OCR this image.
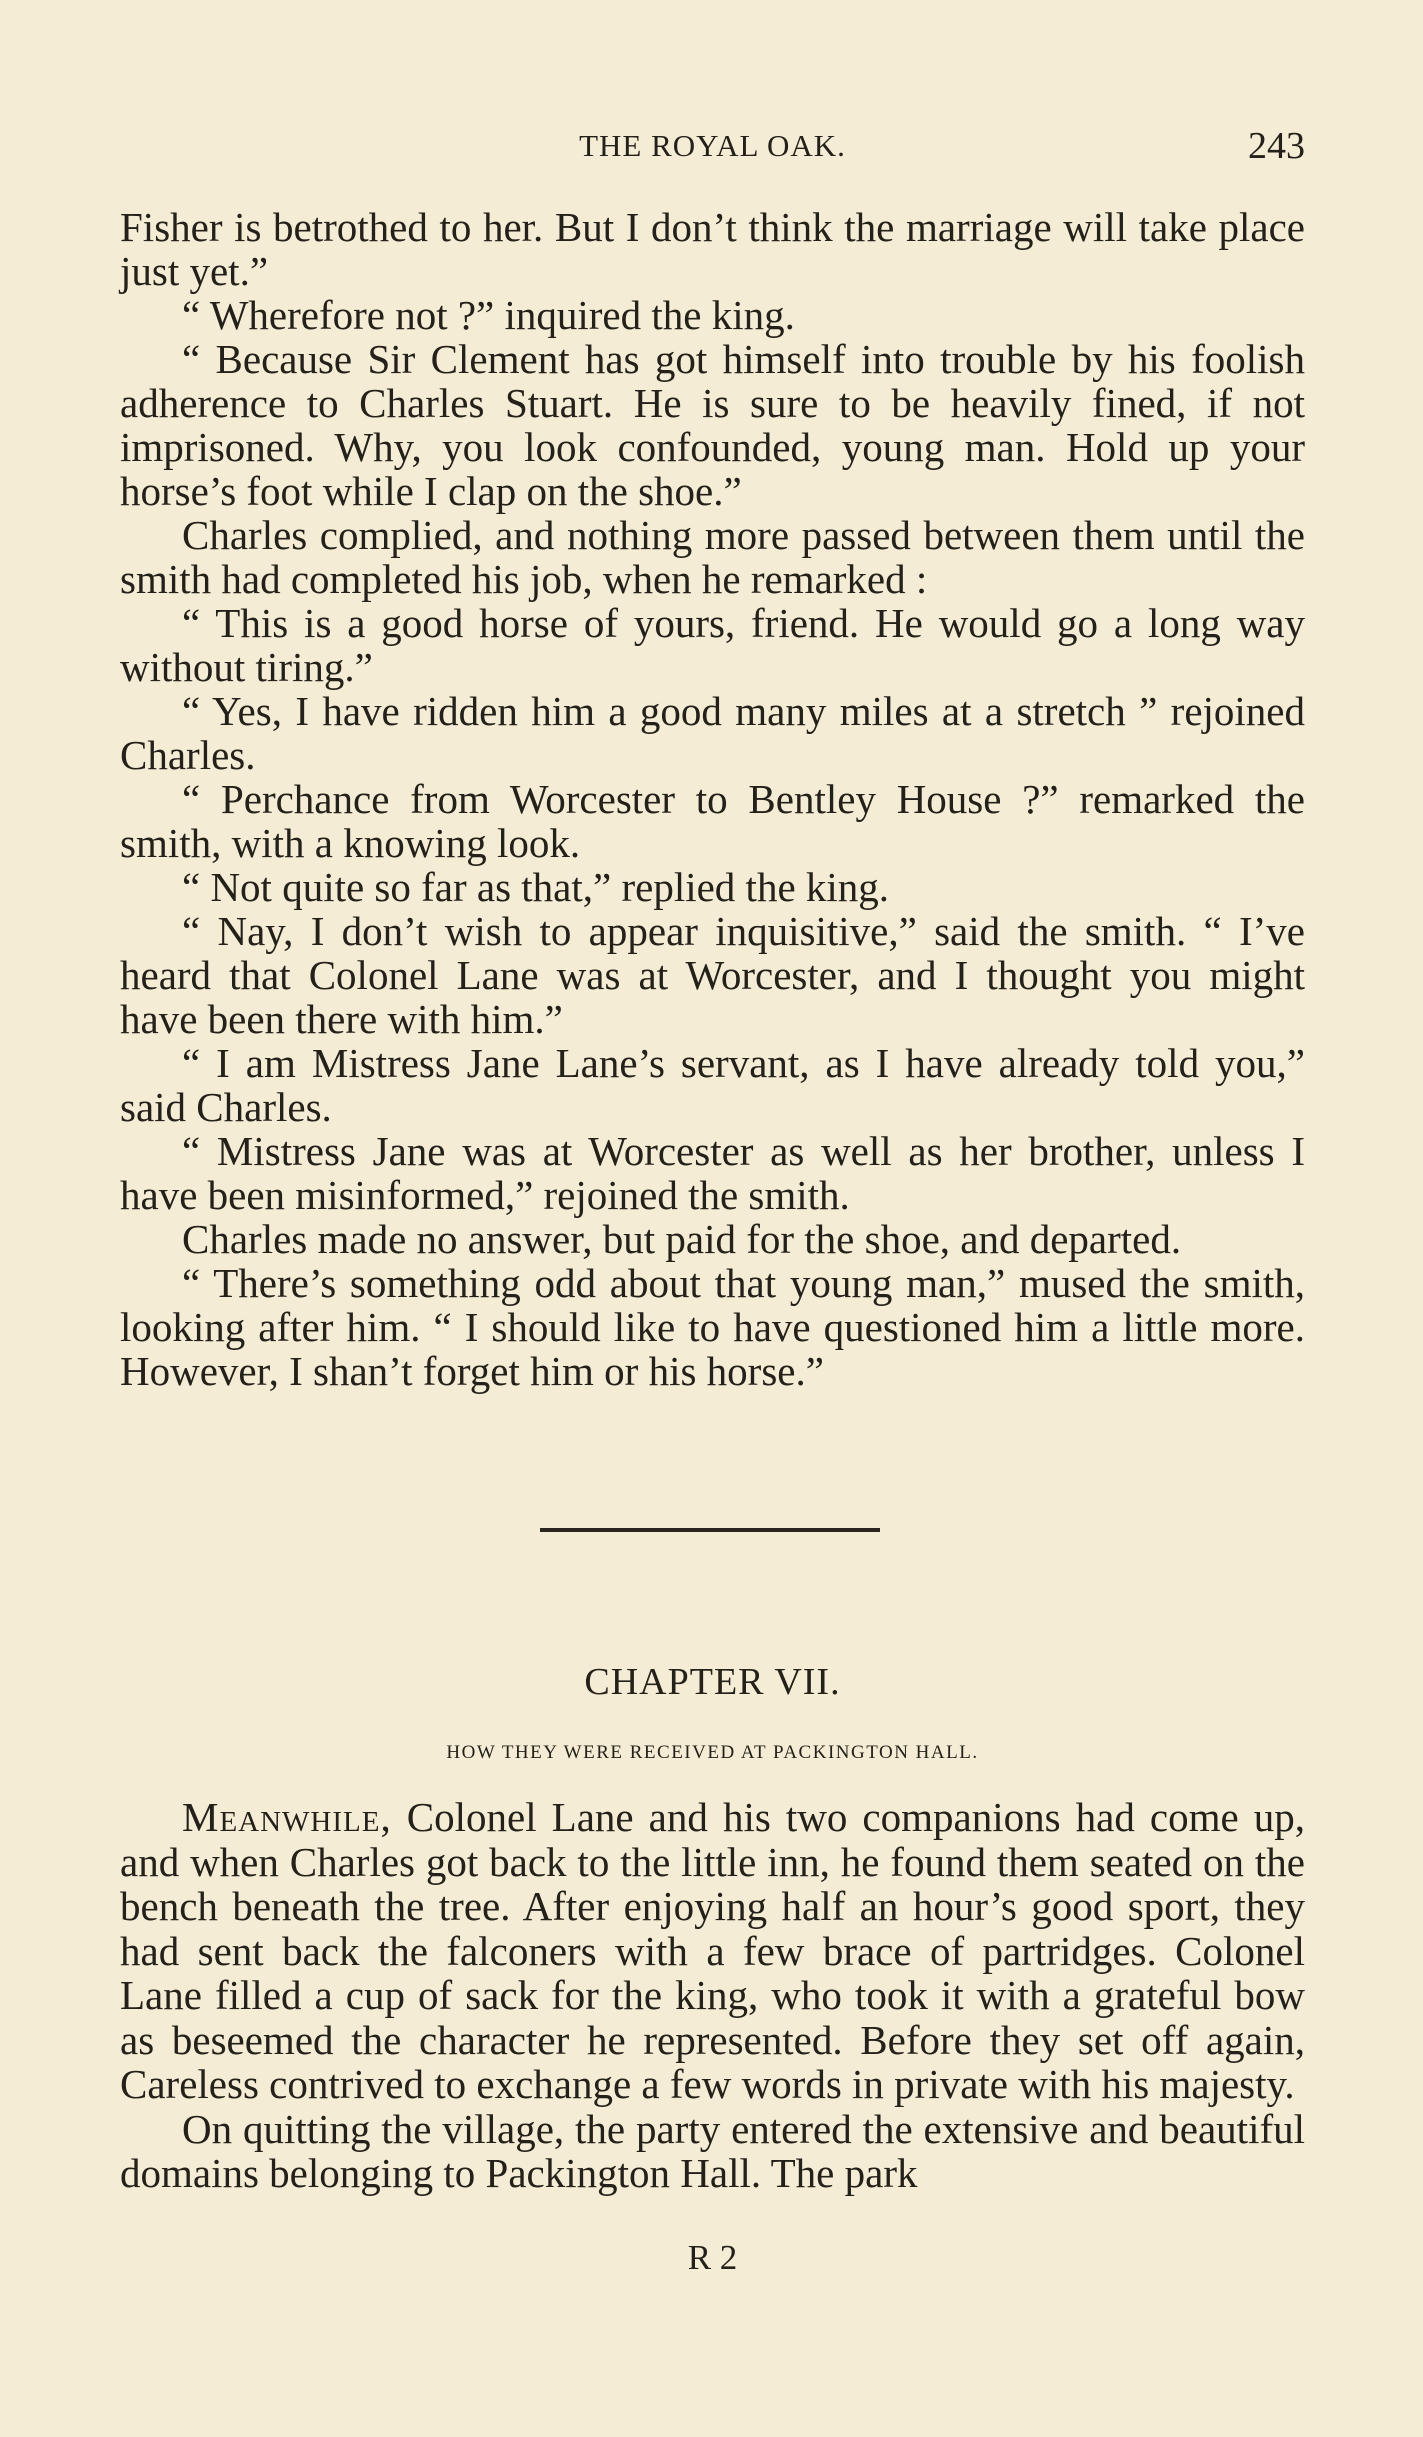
THE ROYAL OAK.	243

Fisher is betrothed to her. But I don’t think the marriage will take place just yet.”

“ Wherefore not ?” inquired the king.

“ Because Sir Clement has got himself into trouble by his foolish adherence to Charles Stuart. He is sure to be heavily fined, if not imprisoned. Why, you look confounded, young man. Hold up your horse’s foot while I clap on the shoe.”

Charles complied, and nothing more passed between them until the smith had completed his job, when he remarked :

“ This is a good horse of yours, friend. He would go a long way without tiring.”

“ Yes, I have ridden him a good many miles at a stretch ” rejoined Charles.

“ Perchance from Worcester to Bentley House ?” remarked the smith, with a knowing look.

“ Not quite so far as that,” replied the king.

“ Nay, I don’t wish to appear inquisitive,” said the smith. “ I’ve heard that Colonel Lane was at Worcester, and I thought you might have been there with him.”

“ I am Mistress Jane Lane’s servant, as I have already told you,” said Charles.

“ Mistress Jane was at Worcester as well as her brother, unless I have been misinformed,” rejoined the smith.

Charles made no answer, but paid for the shoe, and departed.

“ There’s something odd about that young man,” mused the smith, looking after him. “ I should like to have questioned him a little more. However, I shan’t forget him or his horse.”

CHAPTER VII.
HOW THEY WERE RECEIVED AT PACKINGTON HALL.

Meanwhile, Colonel Lane and his two companions had come up, and when Charles got back to the little inn, he found them seated on the bench beneath the tree. After enjoying half an hour’s good sport, they had sent back the falconers with a few brace of partridges. Colonel Lane filled a cup of sack for the king, who took it with a grateful bow as beseemed the character he represented. Before they set off again, Careless contrived to exchange a few words in private with his majesty.

On quitting the village, the party entered the extensive and beautiful domains belonging to Packington Hall. The park

R 2
